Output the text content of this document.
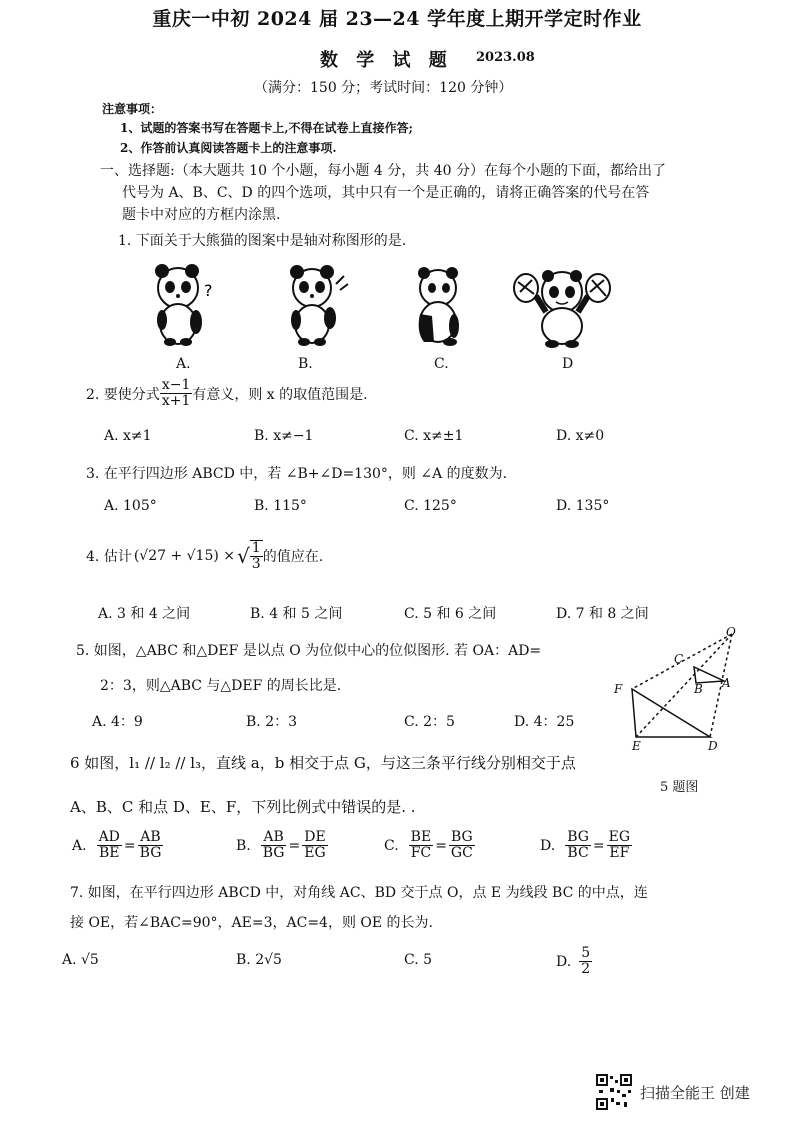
重庆一中初 2024 届 23—24 学年度上期开学定时作业
数 学 试 题 2023.08
（满分：150 分；考试时间：120 分钟）
注意事项：
1、试题的答案书写在答题卡上,不得在试卷上直接作答;
2、作答前认真阅读答题卡上的注意事项.
一、选择题:（本大题共 10 个小题，每小题 4 分，共 40 分）在每个小题的下面，都给出了
代号为 A、B、C、D 的四个选项，其中只有一个是正确的，请将正确答案的代号在答
题卡中对应的方框内涂黑.
1. 下面关于大熊猫的图案中是轴对称图形的是.
?
A.	B.	C.	D
2. 要使分式 $\frac{x-1}{x+1}$ 有意义，则 x 的取值范围是.
A. x≠1	B. x≠−1	C. x≠±1	D. x≠0
3. 在平行四边形 ABCD 中，若 ∠B+∠D=130°，则 ∠A 的度数为.
A. 105°	B. 115°	C. 125°	D. 135°
4. 估计 (√27 + √15) × √ $\frac{1}{3}$ 的值应在.
A. 3 和 4 之间	B. 4 和 5 之间	C. 5 和 6 之间	D. 7 和 8 之间
5. 如图，△ABC 和△DEF 是以点 O 为位似中心的位似图形. 若 OA：AD=
2：3，则△ABC 与△DEF 的周长比是.
A. 4：9	B. 2：3	C. 2：5	D. 4：25
O
C
B A
F
E	D
5 题图
6 如图，l₁ // l₂ // l₃，直线 a，b 相交于点 G，与这三条平行线分别相交于点
A、B、C 和点 D、E、F，下列比例式中错误的是. .
A. $\frac{AD}{BE} = \frac{AB}{BG}$	B. $\frac{AB}{BG} = \frac{DE}{EG}$	C. $\frac{BE}{FC} = \frac{BG}{GC}$	D. $\frac{BG}{BC} = \frac{EG}{EF}$
7. 如图，在平行四边形 ABCD 中，对角线 AC、BD 交于点 O，点 E 为线段 BC 的中点，连
接 OE，若∠BAC=90°，AE=3，AC=4，则 OE 的长为.
A. √5	B. 2√5	C. 5	D. $\frac{5}{2}$
扫描全能王 创建
